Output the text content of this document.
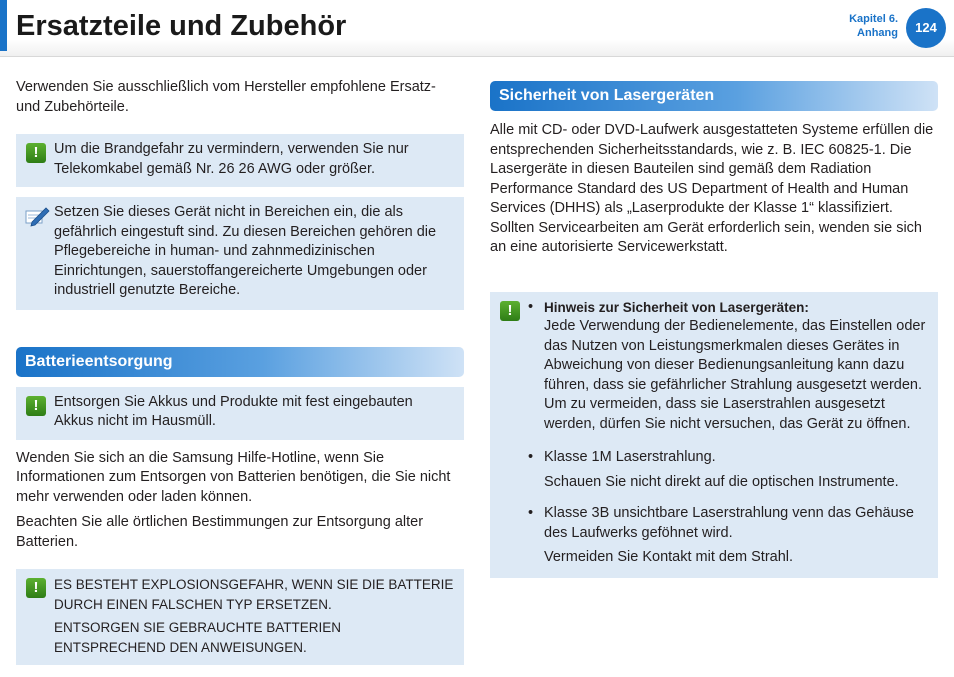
Ersatzteile und Zubehör	Kapitel 6.
Anhang	124

Verwenden Sie ausschließlich vom Hersteller empfohlene Ersatz- und Zubehörteile.

!	Um die Brandgefahr zu vermindern, verwenden Sie nur Telekomkabel gemäß Nr. 26 26 AWG oder größer.

Setzen Sie dieses Gerät nicht in Bereichen ein, die als gefährlich eingestuft sind. Zu diesen Bereichen gehören die Pflegebereiche in human- und zahnmedizinischen Einrichtungen, sauerstoffangereicherte Umgebungen oder industriell genutzte Bereiche.

Batterieentsorgung
!	Entsorgen Sie Akkus und Produkte mit fest eingebauten Akkus nicht im Hausmüll.

Wenden Sie sich an die Samsung Hilfe-Hotline, wenn Sie Informationen zum Entsorgen von Batterien benötigen, die Sie nicht mehr verwenden oder laden können.

Beachten Sie alle örtlichen Bestimmungen zur Entsorgung alter Batterien.

!	ES BESTEHT EXPLOSIONSGEFAHR, WENN SIE DIE BATTERIE DURCH EINEN FALSCHEN TYP ERSETZEN.

ENTSORGEN SIE GEBRAUCHTE BATTERIEN ENTSPRECHEND DEN ANWEISUNGEN.

Sicherheit von Lasergeräten

Alle mit CD- oder DVD-Laufwerk ausgestatteten Systeme erfüllen die entsprechenden Sicherheitsstandards, wie z. B. IEC 60825-1. Die Lasergeräte in diesen Bauteilen sind gemäß dem Radiation Performance Standard des US Department of Health and Human Services (DHHS) als „Laserprodukte der Klasse 1“ klassifiziert. Sollten Servicearbeiten am Gerät erforderlich sein, wenden sie sich an eine autorisierte Servicewerkstatt.

!

•	Hinweis zur Sicherheit von Lasergeräten:

Jede Verwendung der Bedienelemente, das Einstellen oder das Nutzen von Leistungsmerkmalen dieses Gerätes in Abweichung von dieser Bedienungsanleitung kann dazu führen, dass sie gefährlicher Strahlung ausgesetzt werden. Um zu vermeiden, dass sie Laserstrahlen ausgesetzt werden, dürfen Sie nicht versuchen, das Gerät zu öffnen.

• Klasse 1M Laserstrahlung.

Schauen Sie nicht direkt auf die optischen Instrumente.

• Klasse 3B unsichtbare Laserstrahlung venn das Gehäuse des Laufwerks geföhnet wird.

Vermeiden Sie Kontakt mit dem Strahl.
